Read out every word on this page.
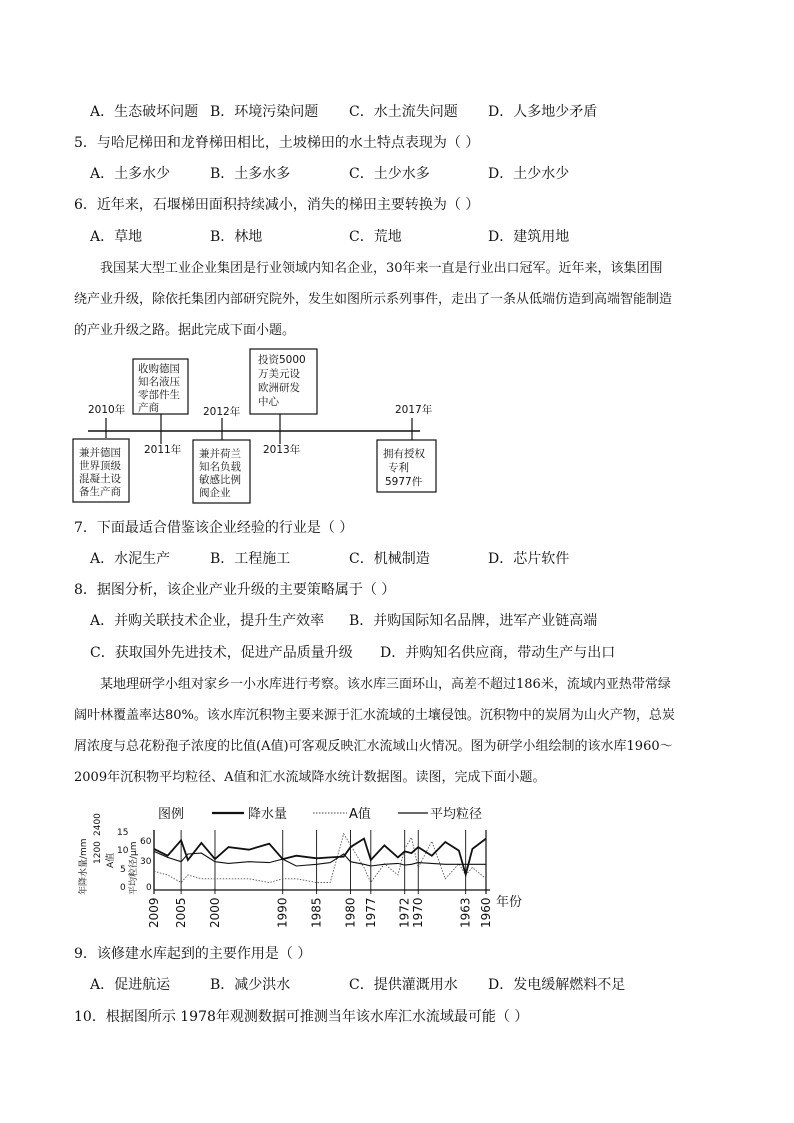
A．生态破坏问题 B．环境污染问题 C．水土流失问题 D．人多地少矛盾
5．与哈尼梯田和龙脊梯田相比，土坡梯田的水土特点表现为（ ）
A．土多水少	B．土多水多	C．土少水多	D．土少水少
6．近年来，石堰梯田面积持续减小，消失的梯田主要转换为（ ）
A．草地	B．林地	C．荒地	D．建筑用地
我国某大型工业企业集团是行业领域内知名企业，30年来一直是行业出口冠军。近年来，该集团围
绕产业升级，除依托集团内部研究院外，发生如图所示系列事件，走出了一条从低端仿造到高端智能制造
的产业升级之路。据此完成下面小题。
2010年
2011年
2012年
2013年
2017年
收购德国
知名液压
零部件生
产商
投资5000
万美元设
欧洲研发
中心
兼并德国
世界顶级
混凝土设
备生产商
兼并荷兰
知名负载
敏感比例
阀企业
拥有授权
专利
5977件
7．下面最适合借鉴该企业经验的行业是（ ）
A．水泥生产	B．工程施工	C．机械制造	D．芯片软件
8．据图分析，该企业产业升级的主要策略属于（ ）
A．并购关联技术企业，提升生产效率 B．并购国际知名品牌，进军产业链高端
C．获取国外先进技术，促进产品质量升级 D．并购知名供应商，带动生产与出口
某地理研学小组对家乡一小水库进行考察。该水库三面环山，高差不超过186米，流域内亚热带常绿
阔叶林覆盖率达80%。该水库沉积物主要来源于汇水流域的土壤侵蚀。沉积物中的炭屑为山火产物，总炭
屑浓度与总花粉孢子浓度的比值(A值)可客观反映汇水流域山火情况。图为研学小组绘制的该水库1960～
2009年沉积物平均粒径、A值和汇水流域降水统计数据图。读图，完成下面小题。
图例	降水量	A值	平均粒径
年降水量/mm A值 平均粒径/μm
1200
2400 15
10
5
0
60
30
0
2009 2005 2000	1990 1985 1980 1977 1972 1970	1963 1960 年份
9．该修建水库起到的主要作用是（ ）
A．促进航运	B．减少洪水	C．提供灌溉用水 D．发电缓解燃料不足
10．根据图所示 1978年观测数据可推测当年该水库汇水流域最可能（ ）
